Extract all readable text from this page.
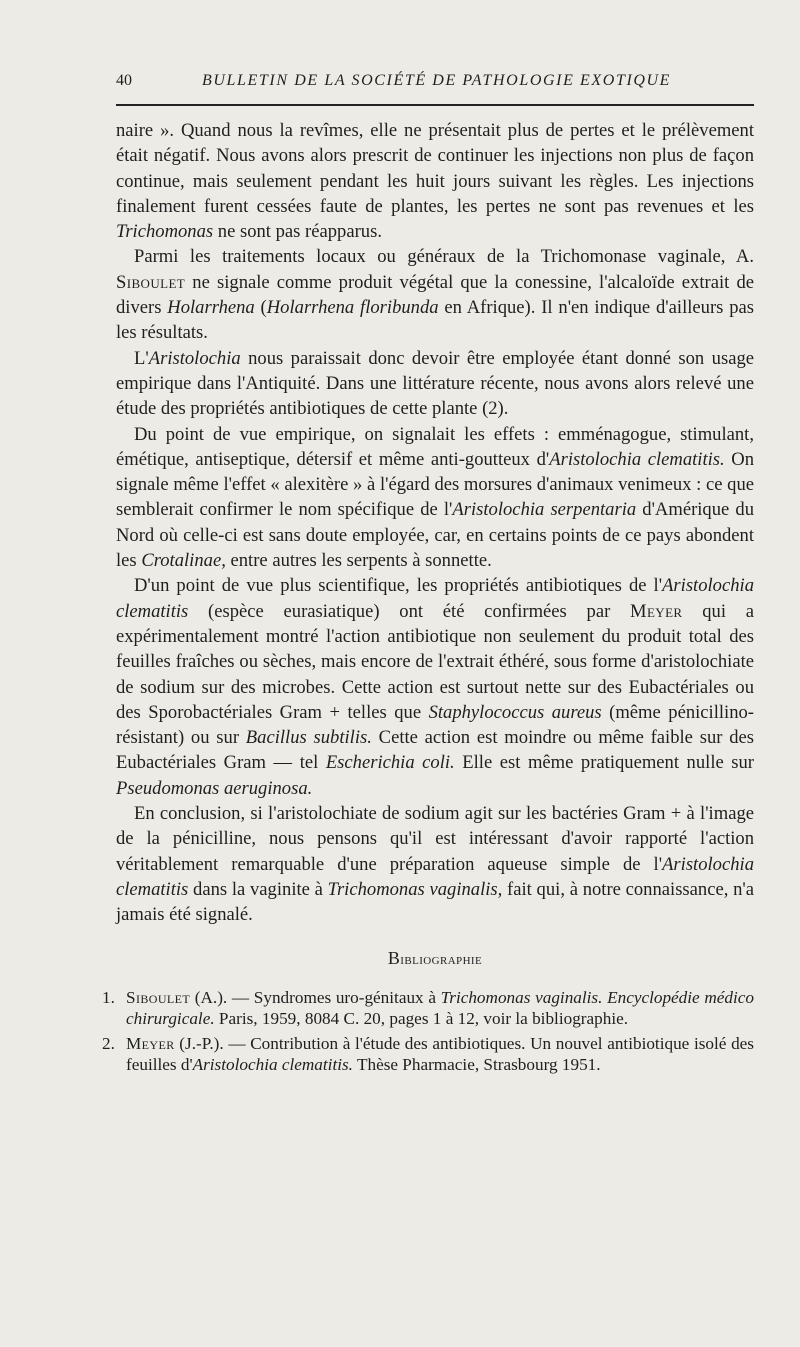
40	BULLETIN DE LA SOCIÉTÉ DE PATHOLOGIE EXOTIQUE

naire ». Quand nous la revîmes, elle ne présentait plus de pertes et le prélèvement était négatif. Nous avons alors prescrit de continuer les injections non plus de façon continue, mais seulement pendant les huit jours suivant les règles. Les injections finalement furent cessées faute de plantes, les pertes ne sont pas revenues et les Trichomonas ne sont pas réapparus.

Parmi les traitements locaux ou généraux de la Trichomonase vaginale, A. Siboulet ne signale comme produit végétal que la conessine, l'alcaloïde extrait de divers Holarrhena (Holarrhena floribunda en Afrique). Il n'en indique d'ailleurs pas les résultats.

L'Aristolochia nous paraissait donc devoir être employée étant donné son usage empirique dans l'Antiquité. Dans une littérature récente, nous avons alors relevé une étude des propriétés antibiotiques de cette plante (2).

Du point de vue empirique, on signalait les effets : emménagogue, stimulant, émétique, antiseptique, détersif et même anti-goutteux d'Aristolochia clematitis. On signale même l'effet « alexitère » à l'égard des morsures d'animaux venimeux : ce que semblerait confirmer le nom spécifique de l'Aristolochia serpentaria d'Amérique du Nord où celle-ci est sans doute employée, car, en certains points de ce pays abondent les Crotalinae, entre autres les serpents à sonnette.

D'un point de vue plus scientifique, les propriétés antibiotiques de l'Aristolochia clematitis (espèce eurasiatique) ont été confirmées par Meyer qui a expérimentalement montré l'action antibiotique non seulement du produit total des feuilles fraîches ou sèches, mais encore de l'extrait éthéré, sous forme d'aristolochiate de sodium sur des microbes. Cette action est surtout nette sur des Eubactériales ou des Sporobactériales Gram + telles que Staphylococcus aureus (même pénicillino-résistant) ou sur Bacillus subtilis. Cette action est moindre ou même faible sur des Eubactériales Gram — tel Escherichia coli. Elle est même pratiquement nulle sur Pseudomonas aeruginosa.

En conclusion, si l'aristolochiate de sodium agit sur les bactéries Gram + à l'image de la pénicilline, nous pensons qu'il est intéressant d'avoir rapporté l'action véritablement remarquable d'une préparation aqueuse simple de l'Aristolochia clematitis dans la vaginite à Trichomonas vaginalis, fait qui, à notre connaissance, n'a jamais été signalé.

Bibliographie
1. Siboulet (A.). — Syndromes uro-génitaux à Trichomonas vaginalis. Encyclopédie médico chirurgicale. Paris, 1959, 8084 C. 20, pages 1 à 12, voir la bibliographie.
2. Meyer (J.-P.). — Contribution à l'étude des antibiotiques. Un nouvel antibiotique isolé des feuilles d'Aristolochia clematitis. Thèse Pharmacie, Strasbourg 1951.
